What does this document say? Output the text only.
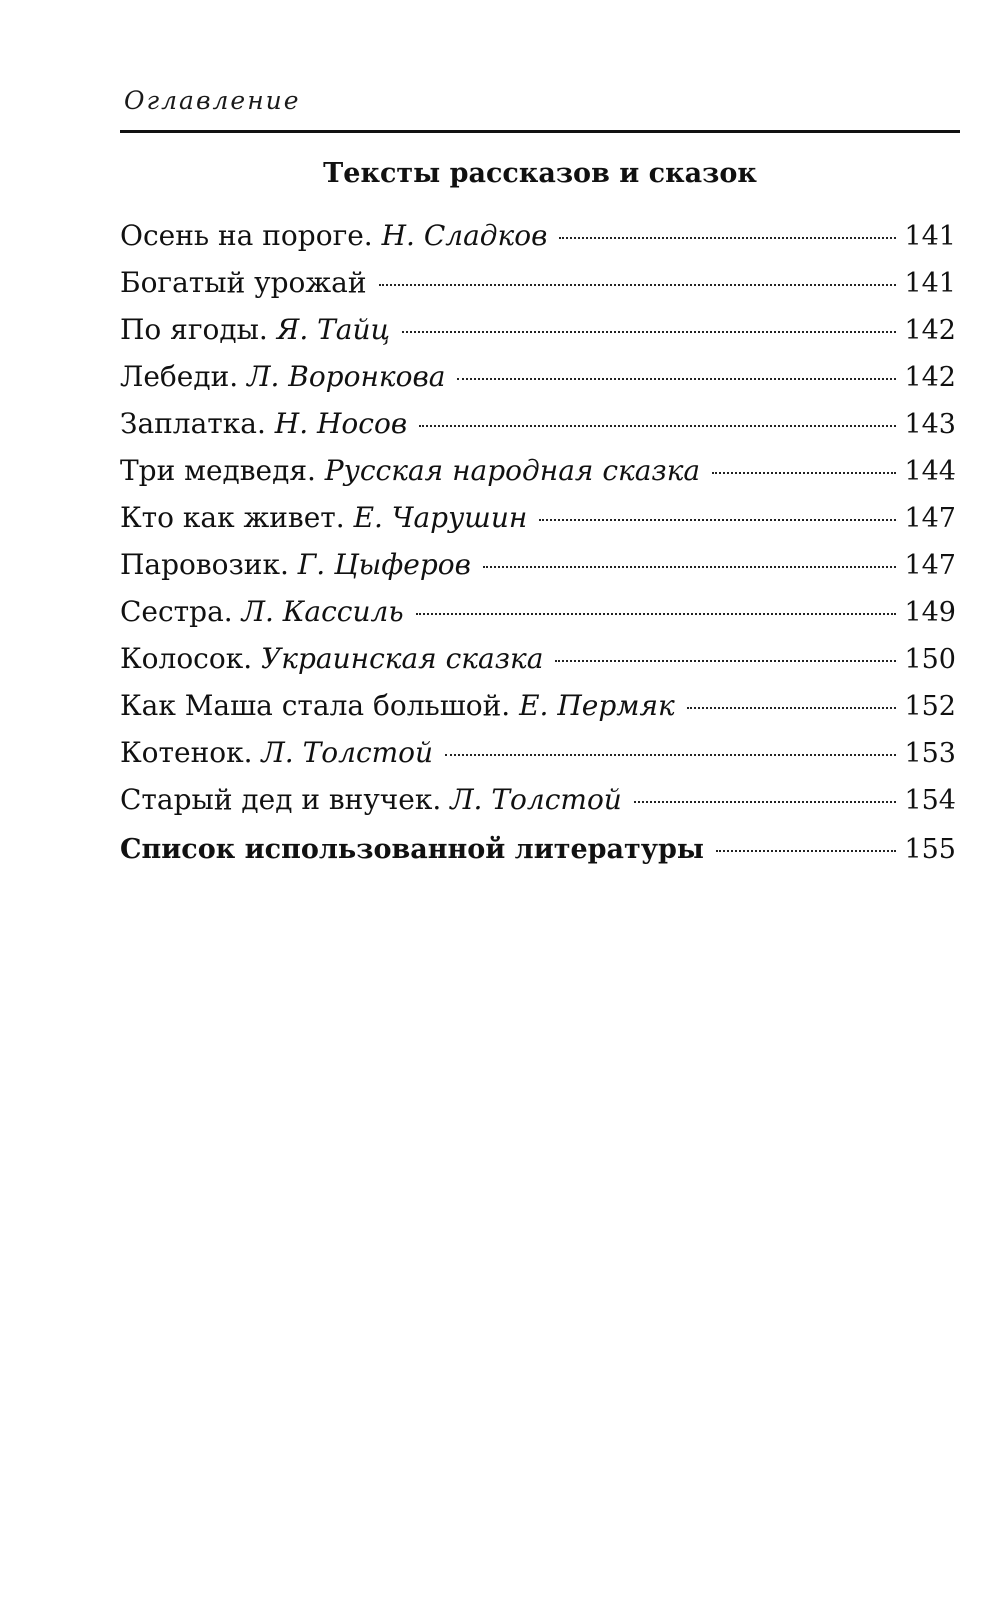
Оглавление
Тексты рассказов и сказок
Осень на пороге. Н. Сладков	141
Богатый урожай	141
По ягоды. Я. Тайц	142
Лебеди. Л. Воронкова	142
Заплатка. Н. Носов	143
Три медведя. Русская народная сказка	144
Кто как живет. Е. Чарушин	147
Паровозик. Г. Цыферов	147
Сестра. Л. Кассиль	149
Колосок. Украинская сказка	150
Как Маша стала большой. Е. Пермяк	152
Котенок. Л. Толстой	153
Старый дед и внучек. Л. Толстой	154
Список использованной литературы	155
